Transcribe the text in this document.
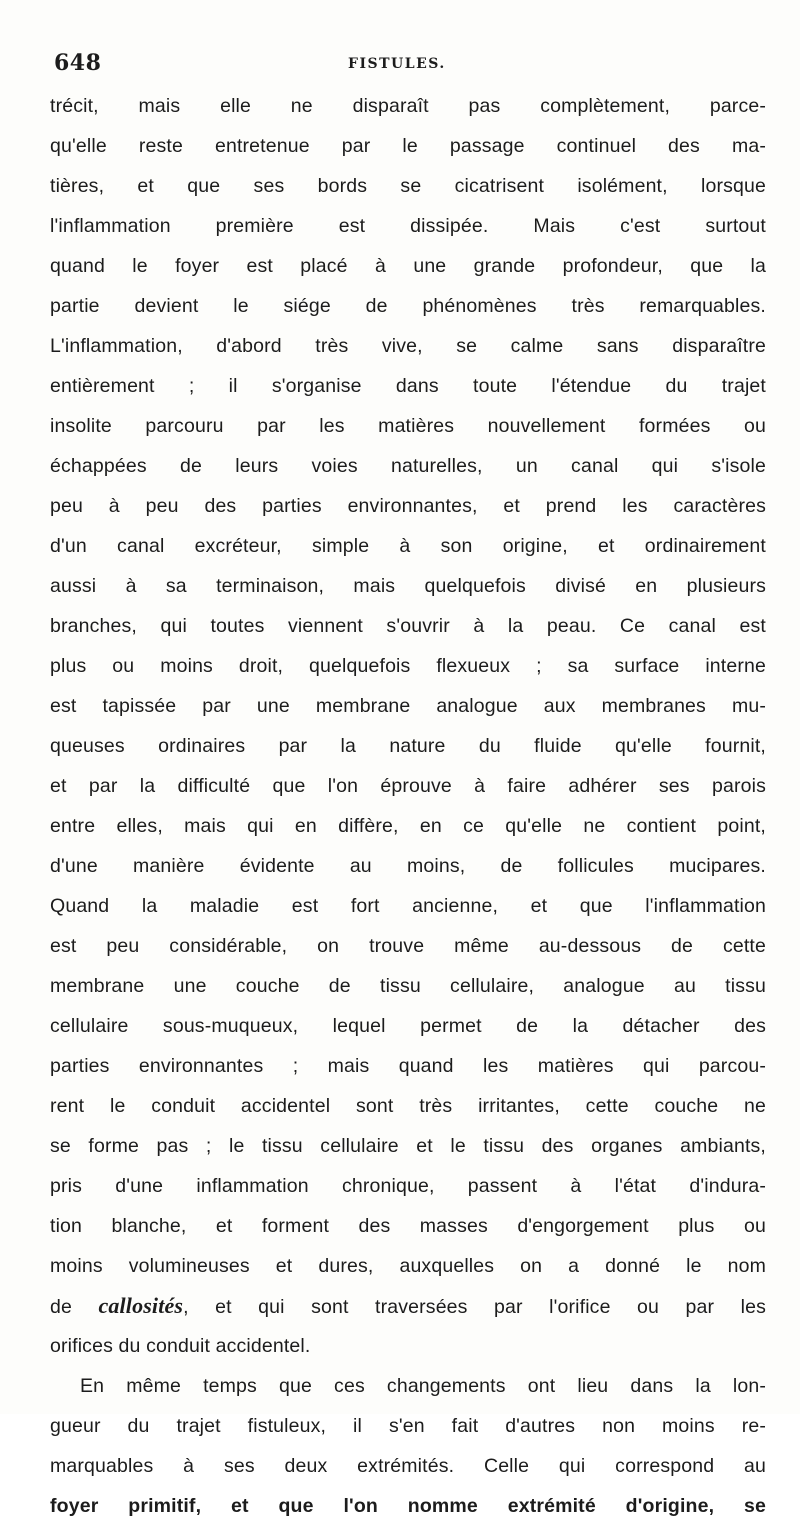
648	FISTULES.
trécit, mais elle ne disparaît pas complètement, parce-
qu'elle reste entretenue par le passage continuel des ma-
tières, et que ses bords se cicatrisent isolément, lorsque
l'inflammation première est dissipée. Mais c'est surtout
quand le foyer est placé à une grande profondeur, que la
partie devient le siége de phénomènes très remarquables.
L'inflammation, d'abord très vive, se calme sans disparaître
entièrement ; il s'organise dans toute l'étendue du trajet
insolite parcouru par les matières nouvellement formées ou
échappées de leurs voies naturelles, un canal qui s'isole
peu à peu des parties environnantes, et prend les caractères
d'un canal excréteur, simple à son origine, et ordinairement
aussi à sa terminaison, mais quelquefois divisé en plusieurs
branches, qui toutes viennent s'ouvrir à la peau. Ce canal est
plus ou moins droit, quelquefois flexueux ; sa surface interne
est tapissée par une membrane analogue aux membranes mu-
queuses ordinaires par la nature du fluide qu'elle fournit,
et par la difficulté que l'on éprouve à faire adhérer ses parois
entre elles, mais qui en diffère, en ce qu'elle ne contient point,
d'une manière évidente au moins, de follicules mucipares.
Quand la maladie est fort ancienne, et que l'inflammation
est peu considérable, on trouve même au-dessous de cette
membrane une couche de tissu cellulaire, analogue au tissu
cellulaire sous-muqueux, lequel permet de la détacher des
parties environnantes ; mais quand les matières qui parcou-
rent le conduit accidentel sont très irritantes, cette couche ne
se forme pas ; le tissu cellulaire et le tissu des organes ambiants,
pris d'une inflammation chronique, passent à l'état d'indura-
tion blanche, et forment des masses d'engorgement plus ou
moins volumineuses et dures, auxquelles on a donné le nom
de callosités, et qui sont traversées par l'orifice ou par les
orifices du conduit accidentel.
En même temps que ces changements ont lieu dans la lon-
gueur du trajet fistuleux, il s'en fait d'autres non moins re-
marquables à ses deux extrémités. Celle qui correspond au
foyer primitif, et que l'on nomme extrémité d'origine, se
